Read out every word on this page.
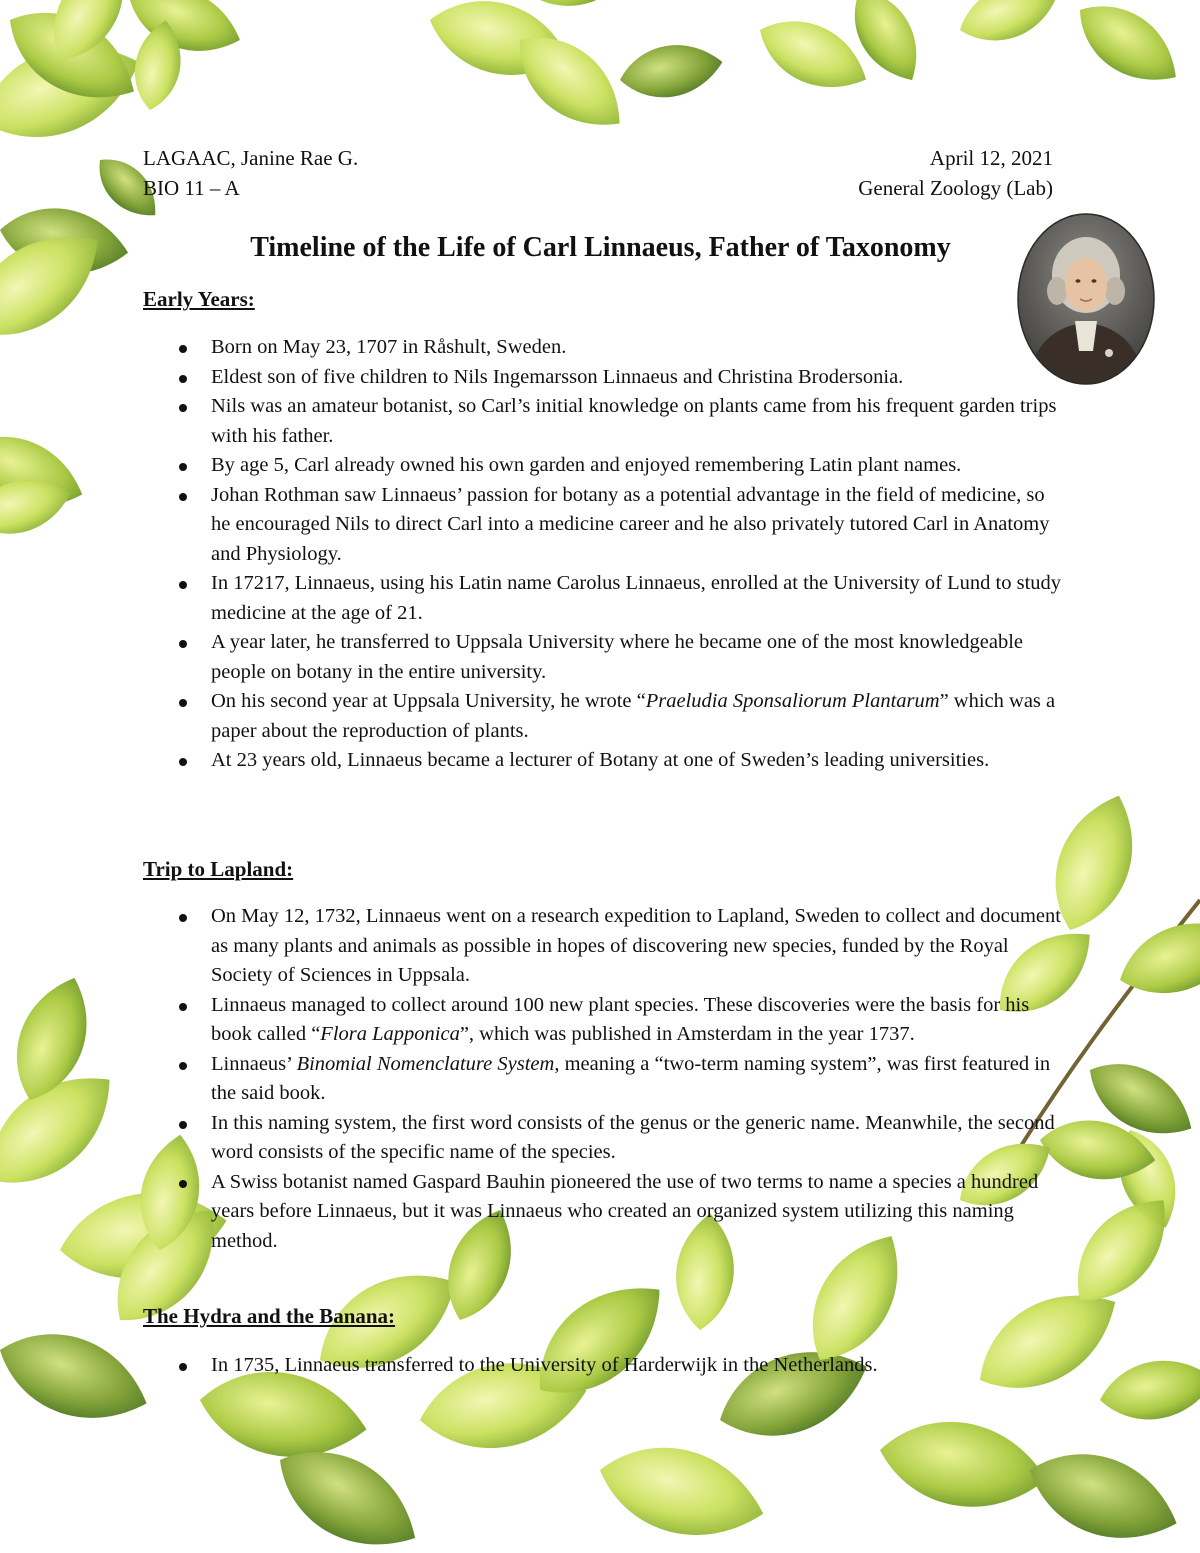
LAGAAC, Janine Rae G.
BIO 11 – A
April 12, 2021
General Zoology (Lab)
Timeline of the Life of Carl Linnaeus, Father of Taxonomy
Early Years:
Born on May 23, 1707 in Råshult, Sweden.
Eldest son of five children to Nils Ingemarsson Linnaeus and Christina Brodersonia.
Nils was an amateur botanist, so Carl’s initial knowledge on plants came from his frequent garden trips with his father.
By age 5, Carl already owned his own garden and enjoyed remembering Latin plant names.
Johan Rothman saw Linnaeus’ passion for botany as a potential advantage in the field of medicine, so he encouraged Nils to direct Carl into a medicine career and he also privately tutored Carl in Anatomy and Physiology.
In 17217, Linnaeus, using his Latin name Carolus Linnaeus, enrolled at the University of Lund to study medicine at the age of 21.
A year later, he transferred to Uppsala University where he became one of the most knowledgeable people on botany in the entire university.
On his second year at Uppsala University, he wrote “Praeludia Sponsaliorum Plantarum” which was a paper about the reproduction of plants.
At 23 years old, Linnaeus became a lecturer of Botany at one of Sweden’s leading universities.
Trip to Lapland:
On May 12, 1732, Linnaeus went on a research expedition to Lapland, Sweden to collect and document as many plants and animals as possible in hopes of discovering new species, funded by the Royal Society of Sciences in Uppsala.
Linnaeus managed to collect around 100 new plant species. These discoveries were the basis for his book called “Flora Lapponica”, which was published in Amsterdam in the year 1737.
Linnaeus’ Binomial Nomenclature System, meaning a “two-term naming system”, was first featured in the said book.
In this naming system, the first word consists of the genus or the generic name. Meanwhile, the second word consists of the specific name of the species.
A Swiss botanist named Gaspard Bauhin pioneered the use of two terms to name a species a hundred years before Linnaeus, but it was Linnaeus who created an organized system utilizing this naming method.
The Hydra and the Banana:
In 1735, Linnaeus transferred to the University of Harderwijk in the Netherlands.
